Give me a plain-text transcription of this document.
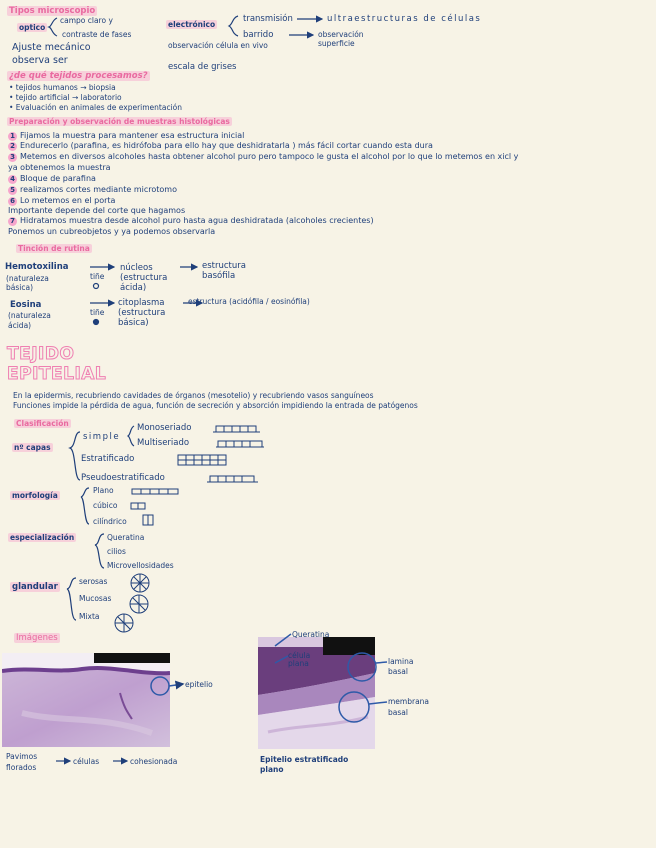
Tipos microscopio
optico
campo claro y
contraste de fases
Ajuste mecánico
observa ser
electrónico
transmisión	ultraestructuras de células
barrido	observación superficie
observación célula en vivo
escala de grises
¿de qué tejidos procesamos?
• tejidos humanos → biopsia
• tejido artificial → laboratorio
• Evaluación en animales de experimentación
Preparación y observación de muestras histológicas
1 Fijamos la muestra para mantener esa estructura inicial
2 Endurecerlo (parafina, es hidrófoba para ello hay que deshidratarla ) más fácil cortar cuando esta dura
3 Metemos en diversos alcoholes hasta obtener alcohol puro pero tampoco le gusta el alcohol por lo que lo metemos en xicl y
ya obtenemos la muestra
4 Bloque de parafina
5 realizamos cortes mediante microtomo
6 Lo metemos en el porta
Importante depende del corte que hagamos
7 Hidratamos muestra desde alcohol puro hasta agua deshidratada (alcoholes crecientes)
Ponemos un cubreobjetos y ya podemos observarla
Tinción de rutina
Hemotoxilina
(naturaleza básica)
tiñe
núcleos (estructura ácida)
estructura basófila
Eosina
(naturaleza ácida)
tiñe
citoplasma (estructura básica)
estructura (acidófila / eosinófila)
TEJIDO
EPITELIAL
En la epidermis, recubriendo cavidades de órganos (mesotelio) y recubriendo vasos sanguíneos
Funciones impide la pérdida de agua, función de secreción y absorción impidiendo la entrada de patógenos
Clasificación
nº capas
simple
Monoseriado
Multiseriado
Estratificado
Pseudoestratificado
morfología
Plano
cúbico
cilíndrico
especialización	Queratina
cilios
Microvellosidades
glandular
serosas
Mucosas
Mixta
Imágenes
epitelio
Pavimos
florados
células	cohesionada
Queratina
célula plana	lamina
basal
membrana
basal
Epitelio estratificado
plano
